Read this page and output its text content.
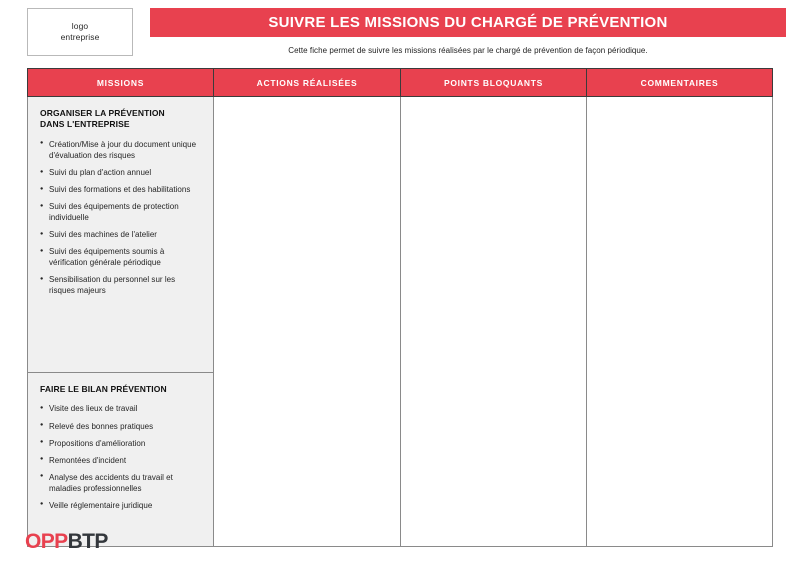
logo
entreprise
SUIVRE LES MISSIONS DU CHARGÉ DE PRÉVENTION
Cette fiche permet de suivre les missions réalisées par le chargé de prévention de façon périodique.
MISSIONS	ACTIONS RÉALISÉES	POINTS BLOQUANTS	COMMENTAIRES

ORGANISER LA PRÉVENTION
DANS L'ENTREPRISE
● Création/Mise à jour du document unique d'évaluation des risques
● Suivi du plan d'action annuel
● Suivi des formations et des habilitations
● Suivi des équipements de protection individuelle
● Suivi des machines de l'atelier
● Suivi des équipements soumis à vérification générale périodique
● Sensibilisation du personnel sur les risques majeurs

FAIRE LE BILAN PRÉVENTION
● Visite des lieux de travail
● Relevé des bonnes pratiques
● Propositions d'amélioration
● Remontées d'incident
● Analyse des accidents du travail et maladies professionnelles
● Veille réglementaire juridique
OPPBTP
